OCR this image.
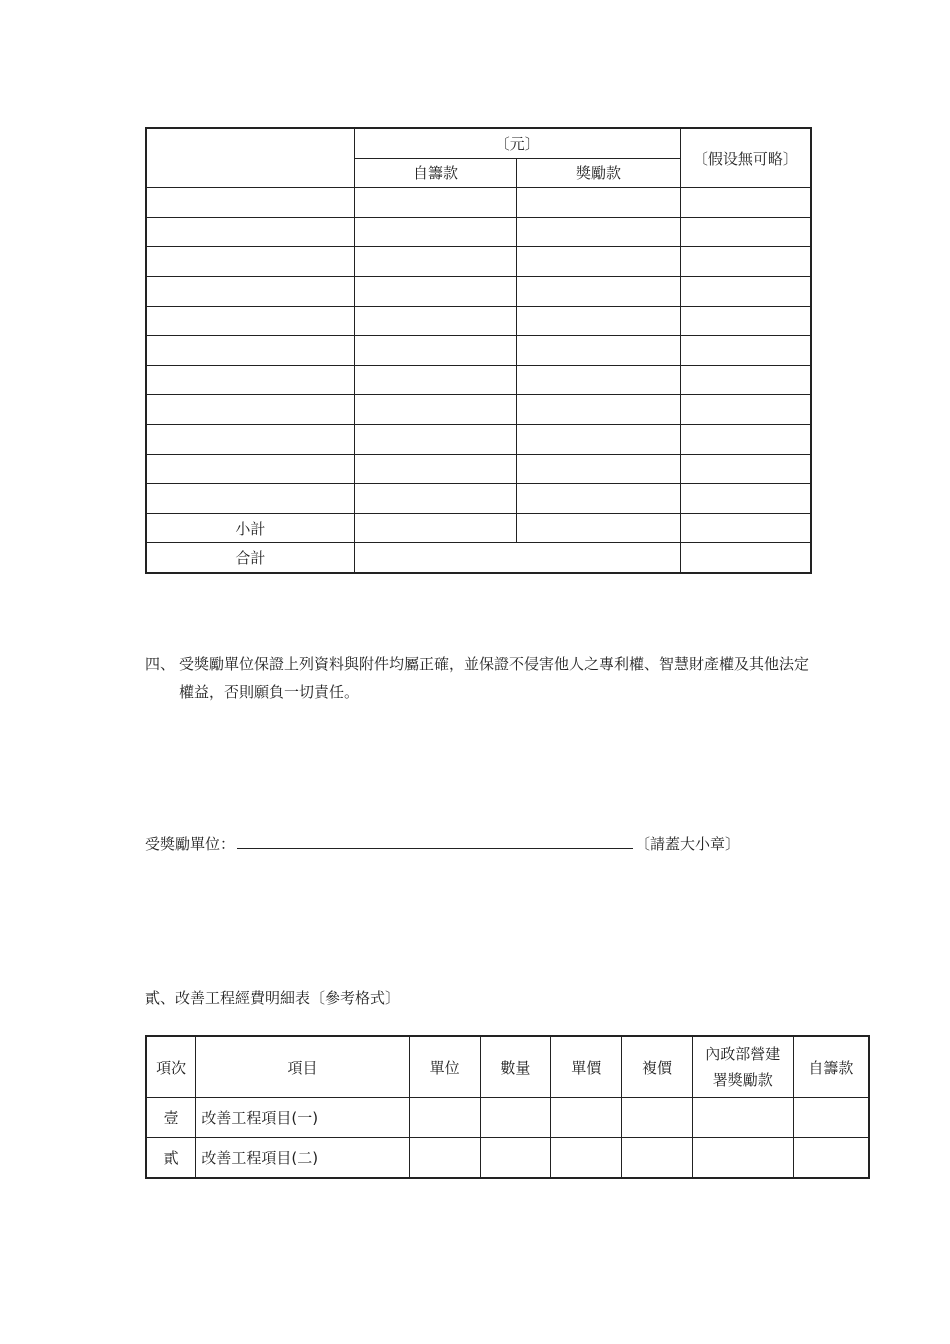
	〔元〕		〔假设無可略〕
	自籌款	獎勵款	

小計			
合計			
四、 受獎勵單位保證上列資料與附件均屬正確，並保證不侵害他人之專利權、智慧財產權及其他法定權益，否則願負一切責任。
受獎勵單位：	〔請蓋大小章〕
貳、改善工程經費明細表〔參考格式〕
項次	項目	單位	數量	單價	複價	內政部營建署獎勵款	自籌款
壹	改善工程項目(一)						
貳	改善工程項目(二)						
